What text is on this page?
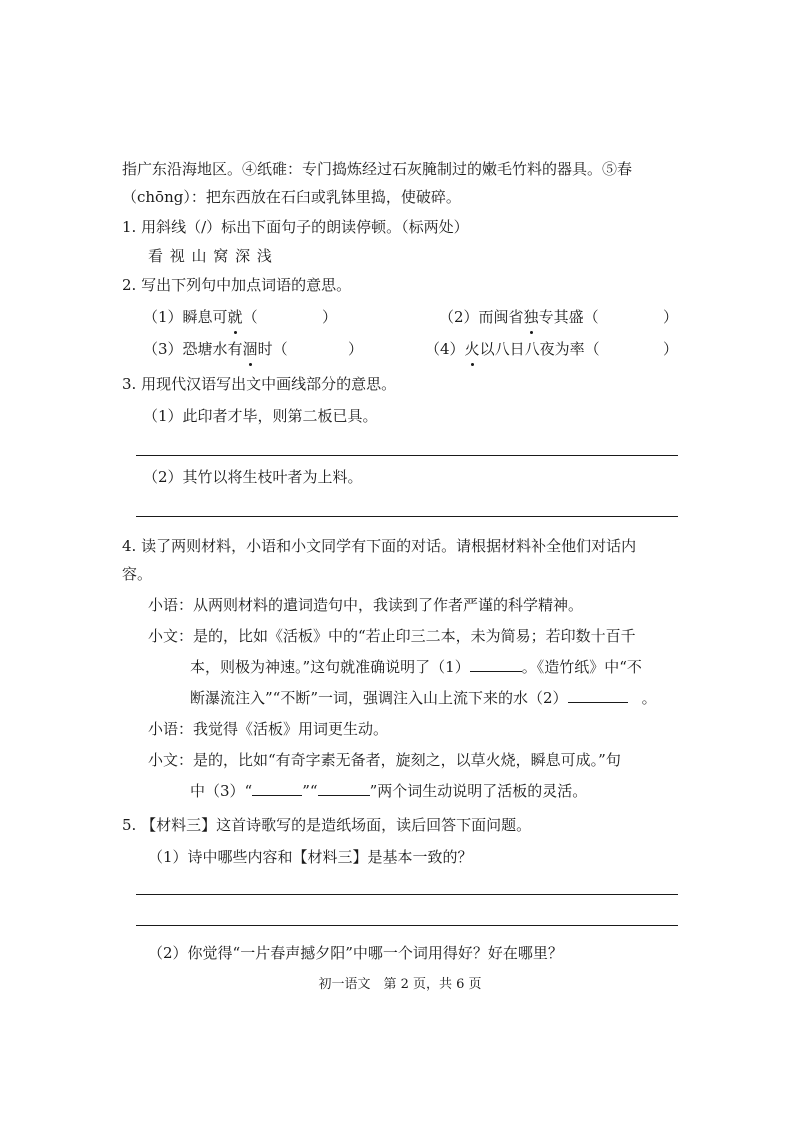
指广东沿海地区。④纸碓：专门捣炼经过石灰腌制过的嫩毛竹料的器具。⑤春
（chōng）：把东西放在石臼或乳钵里捣，使破碎。
1. 用斜线（/）标出下面句子的朗读停顿。（标两处）
看 视 山 窝 深 浅
2. 写出下列句中加点词语的意思。
（1）瞬息可就（	）	（2）而闽省独专其盛（	）
（3）恐塘水有涸时（	）	（4）火以八日八夜为率（	）
3. 用现代汉语写出文中画线部分的意思。
（1）此印者才毕，则第二板已具。
（2）其竹以将生枝叶者为上料。
4. 读了两则材料，小语和小文同学有下面的对话。请根据材料补全他们对话内
容。
小语：从两则材料的遣词造句中，我读到了作者严谨的科学精神。
小文：是的，比如《活板》中的“若止印三二本，未为简易；若印数十百千
本，则极为神速。”这句就准确说明了（1）	。《造竹纸》中“不
断瀑流注入”“不断”一词，强调注入山上流下来的水（2）	。
小语：我觉得《活板》用词更生动。
小文：是的，比如“有奇字素无备者，旋刻之，以草火烧，瞬息可成。”句
中（3）“	”“	”两个词生动说明了活板的灵活。
5. 【材料三】这首诗歌写的是造纸场面，读后回答下面问题。
（1）诗中哪些内容和【材料三】是基本一致的？
（2）你觉得“一片春声撼夕阳”中哪一个词用得好？好在哪里？
初一语文　第 2 页，共 6 页
